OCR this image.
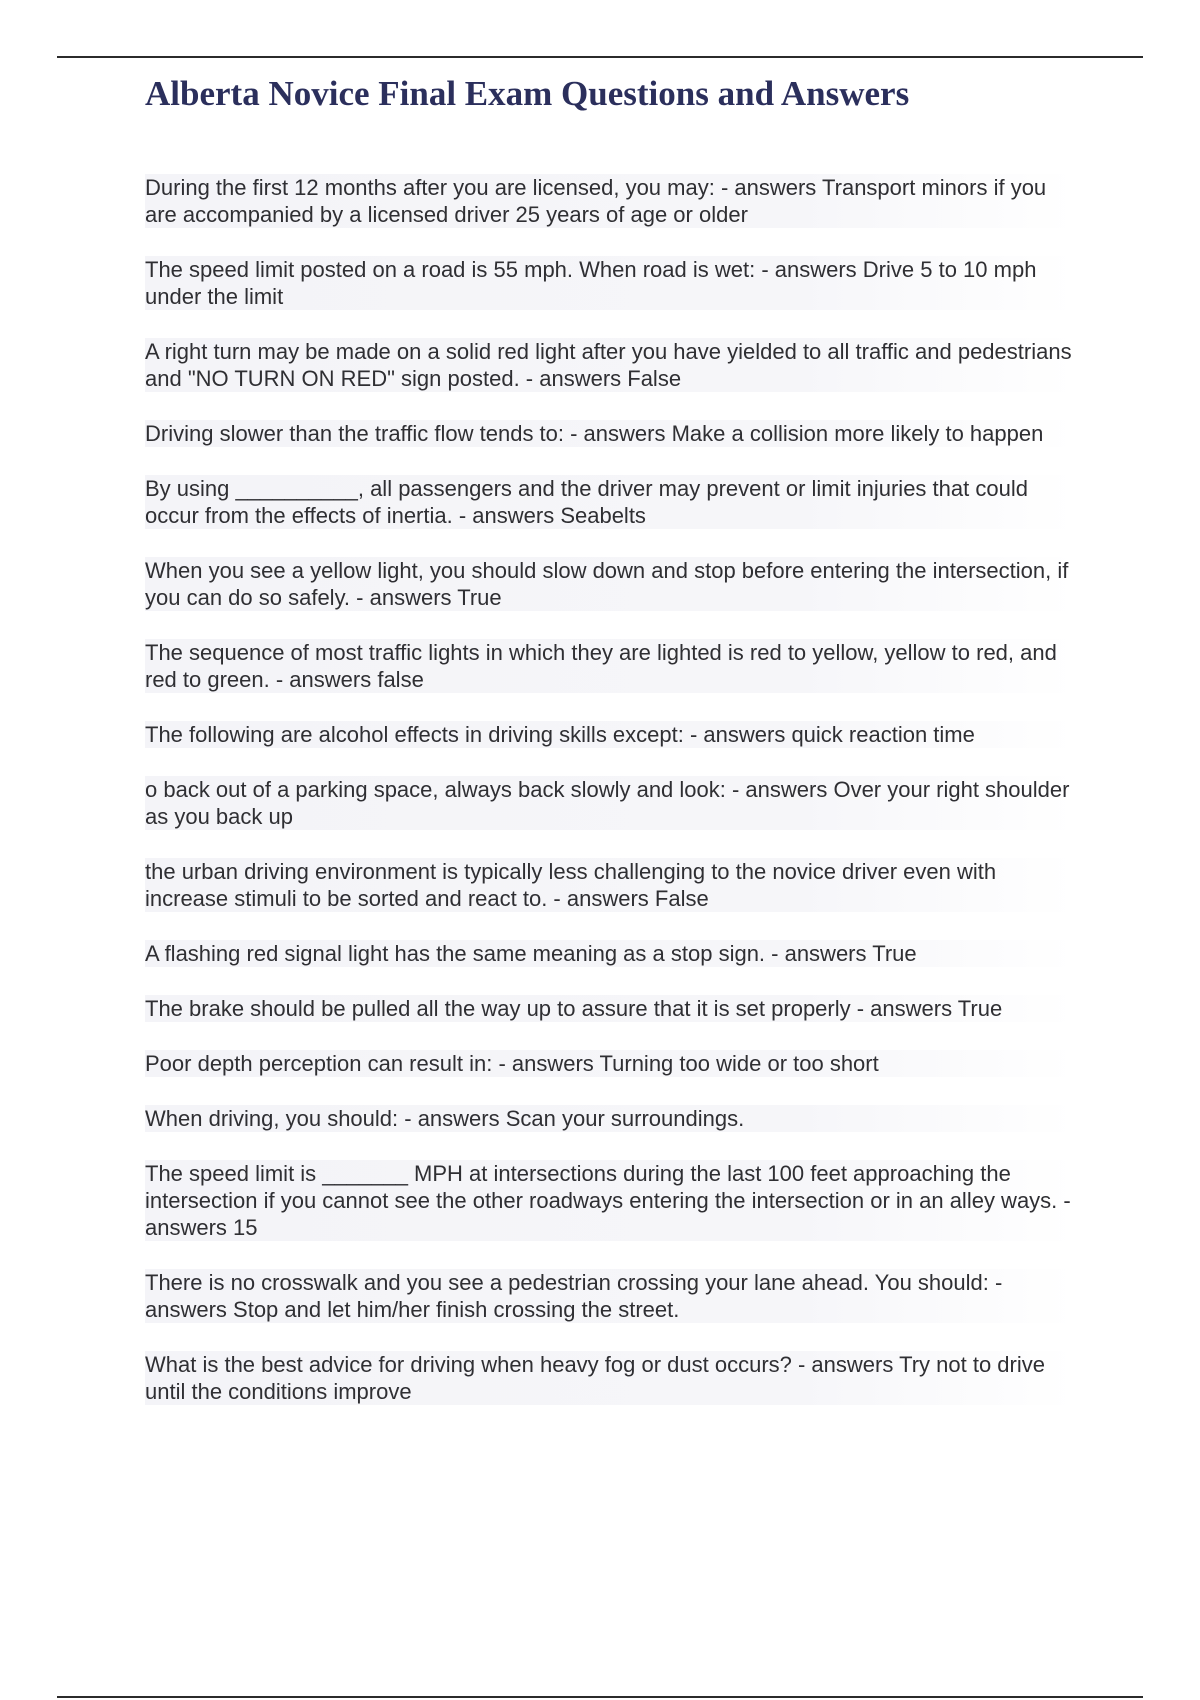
Alberta Novice Final Exam Questions and Answers

During the first 12 months after you are licensed, you may: - answers Transport minors if you are accompanied by a licensed driver 25 years of age or older

The speed limit posted on a road is 55 mph. When road is wet: - answers Drive 5 to 10 mph under the limit

A right turn may be made on a solid red light after you have yielded to all traffic and pedestrians and "NO TURN ON RED" sign posted. - answers False

Driving slower than the traffic flow tends to: - answers Make a collision more likely to happen

By using __________, all passengers and the driver may prevent or limit injuries that could occur from the effects of inertia. - answers Seabelts

When you see a yellow light, you should slow down and stop before entering the intersection, if you can do so safely. - answers True

The sequence of most traffic lights in which they are lighted is red to yellow, yellow to red, and red to green. - answers false

The following are alcohol effects in driving skills except: - answers quick reaction time

o back out of a parking space, always back slowly and look: - answers Over your right shoulder as you back up

the urban driving environment is typically less challenging to the novice driver even with increase stimuli to be sorted and react to. - answers False

A flashing red signal light has the same meaning as a stop sign. - answers True

The brake should be pulled all the way up to assure that it is set properly - answers True

Poor depth perception can result in: - answers Turning too wide or too short

When driving, you should: - answers Scan your surroundings.

The speed limit is _______ MPH at intersections during the last 100 feet approaching the intersection if you cannot see the other roadways entering the intersection or in an alley ways. - answers 15

There is no crosswalk and you see a pedestrian crossing your lane ahead. You should: - answers Stop and let him/her finish crossing the street.

What is the best advice for driving when heavy fog or dust occurs? - answers Try not to drive until the conditions improve
